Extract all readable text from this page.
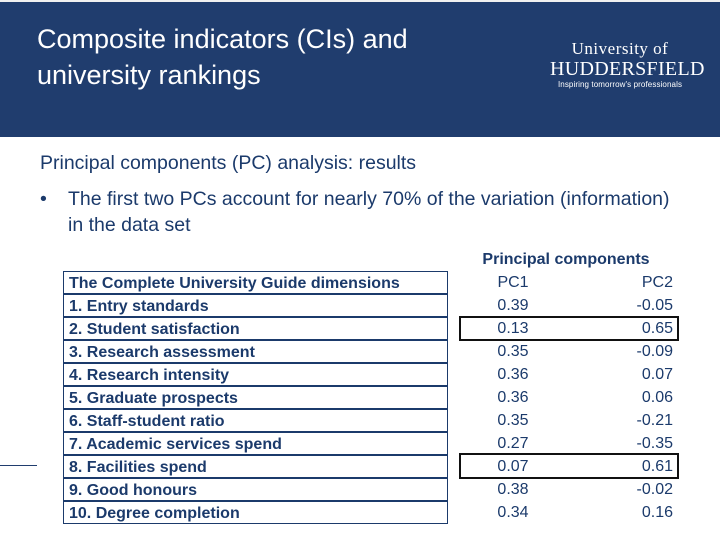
Composite indicators (CIs) and university rankings
University of
HUDDERSFIELD
Inspiring tomorrow's professionals
Principal components (PC) analysis: results
• The first two PCs account for nearly 70% of the variation (information) in the data set
Principal components
The Complete University Guide dimensions	PC1	PC2
1. Entry standards	0.39	-0.05
2. Student satisfaction	0.13	0.65
3. Research assessment	0.35	-0.09
4. Research intensity	0.36	0.07
5. Graduate prospects	0.36	0.06
6. Staff-student ratio	0.35	-0.21
7. Academic services spend	0.27	-0.35
8. Facilities spend	0.07	0.61
9. Good honours	0.38	-0.02
10. Degree completion	0.34	0.16
